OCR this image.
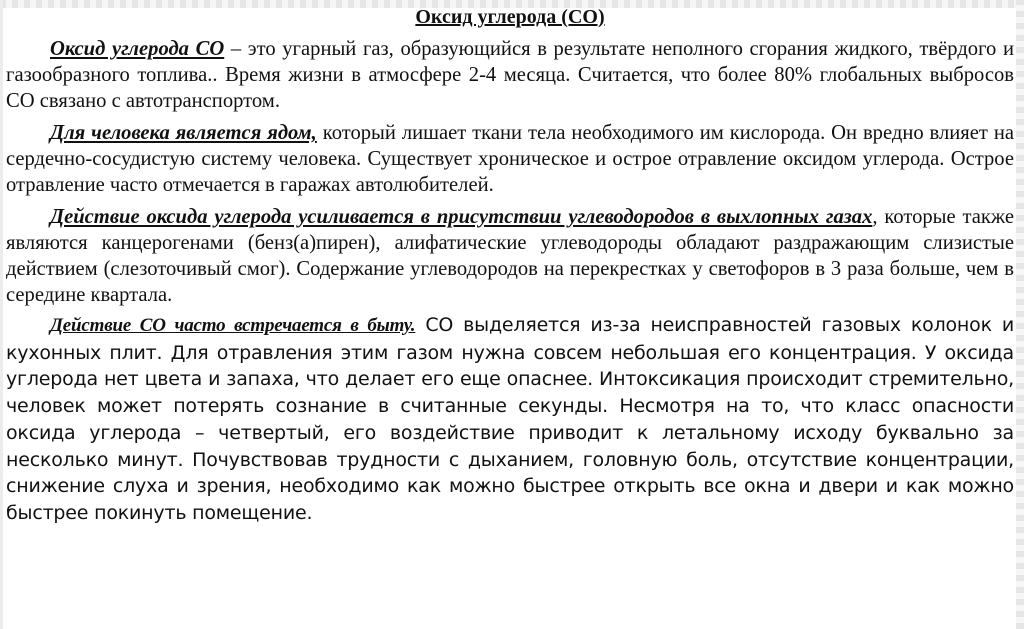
Оксид углерода (СО)

Оксид углерода СО – это угарный газ, образующийся в результате неполного сгорания жидкого, твёрдого и газообразного топлива.. Время жизни в атмосфере 2-4 месяца. Считается, что более 80% глобальных выбросов СО связано с автотранспортом.

Для человека является ядом, который лишает ткани тела необходимого им кислорода. Он вредно влияет на сердечно-сосудистую систему человека. Существует хроническое и острое отравление оксидом углерода. Острое отравление часто отмечается в гаражах автолюбителей.

Действие оксида углерода усиливается в присутствии углеводородов в выхлопных газах, которые также являются канцерогенами (бенз(а)пирен), алифатические углеводороды обладают раздражающим слизистые действием (слезоточивый смог). Содержание углеводородов на перекрестках у светофоров в 3 раза больше, чем в середине квартала.

Действие СО часто встречается в быту. СО выделяется из-за неисправностей газовых колонок и кухонных плит. Для отравления этим газом нужна совсем небольшая его концентрация. У оксида углерода нет цвета и запаха, что делает его еще опаснее. Интоксикация происходит стремительно, человек может потерять сознание в считанные секунды. Несмотря на то, что класс опасности оксида углерода – четвертый, его воздействие приводит к летальному исходу буквально за несколько минут. Почувствовав трудности с дыханием, головную боль, отсутствие концентрации, снижение слуха и зрения, необходимо как можно быстрее открыть все окна и двери и как можно быстрее покинуть помещение.
